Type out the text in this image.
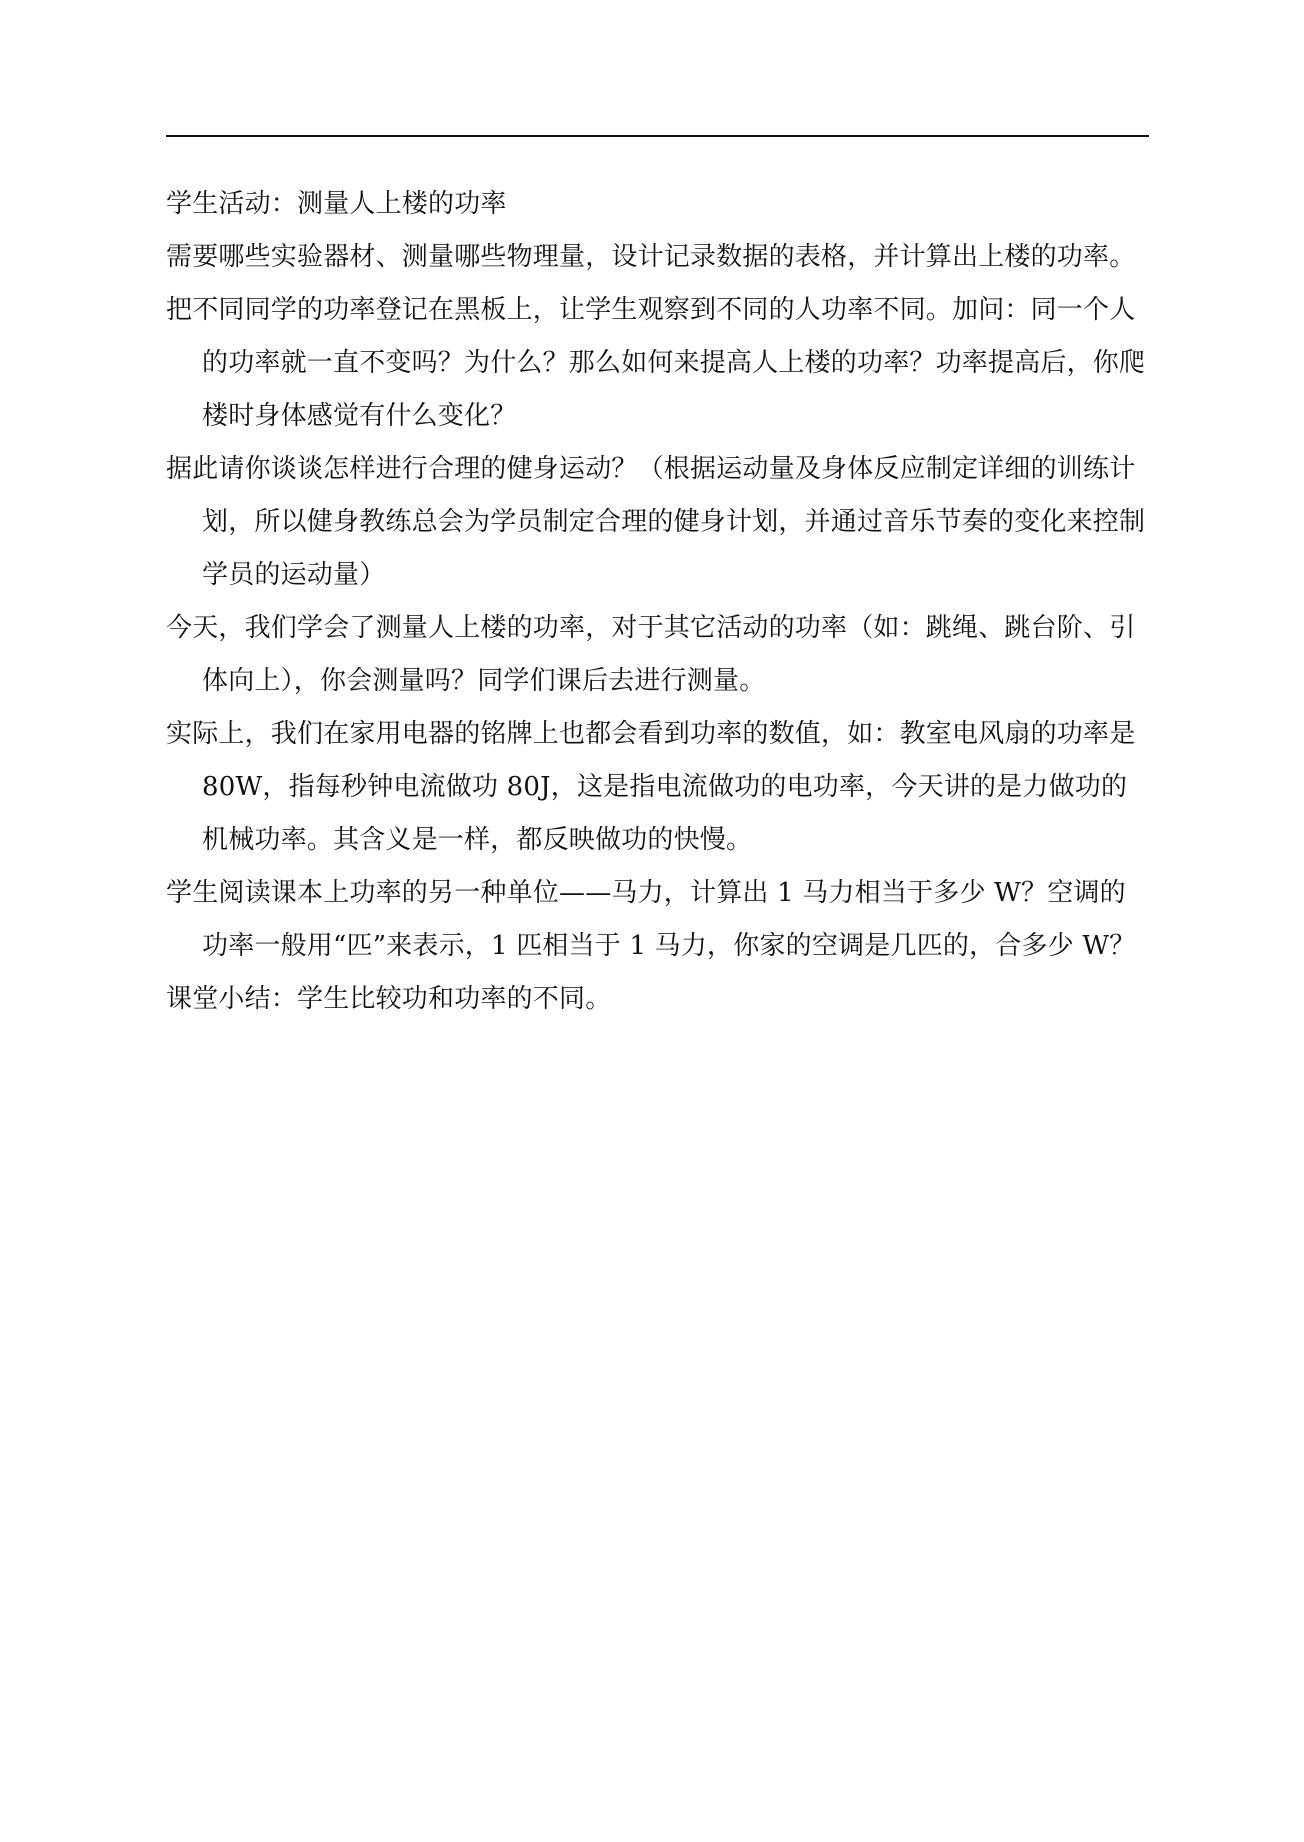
学生活动：测量人上楼的功率

需要哪些实验器材、测量哪些物理量，设计记录数据的表格，并计算出上楼的功率。

把不同同学的功率登记在黑板上，让学生观察到不同的人功率不同。加问：同一个人的功率就一直不变吗？为什么？那么如何来提高人上楼的功率？功率提高后，你爬楼时身体感觉有什么变化？

据此请你谈谈怎样进行合理的健身运动？（根据运动量及身体反应制定详细的训练计划，所以健身教练总会为学员制定合理的健身计划，并通过音乐节奏的变化来控制学员的运动量）

今天，我们学会了测量人上楼的功率，对于其它活动的功率（如：跳绳、跳台阶、引体向上），你会测量吗？同学们课后去进行测量。

实际上，我们在家用电器的铭牌上也都会看到功率的数值，如：教室电风扇的功率是 80W，指每秒钟电流做功 80J，这是指电流做功的电功率，今天讲的是力做功的机械功率。其含义是一样，都反映做功的快慢。

学生阅读课本上功率的另一种单位——马力，计算出 1 马力相当于多少 W？空调的功率一般用“匹”来表示，1 匹相当于 1 马力，你家的空调是几匹的，合多少 W？

课堂小结：学生比较功和功率的不同。
